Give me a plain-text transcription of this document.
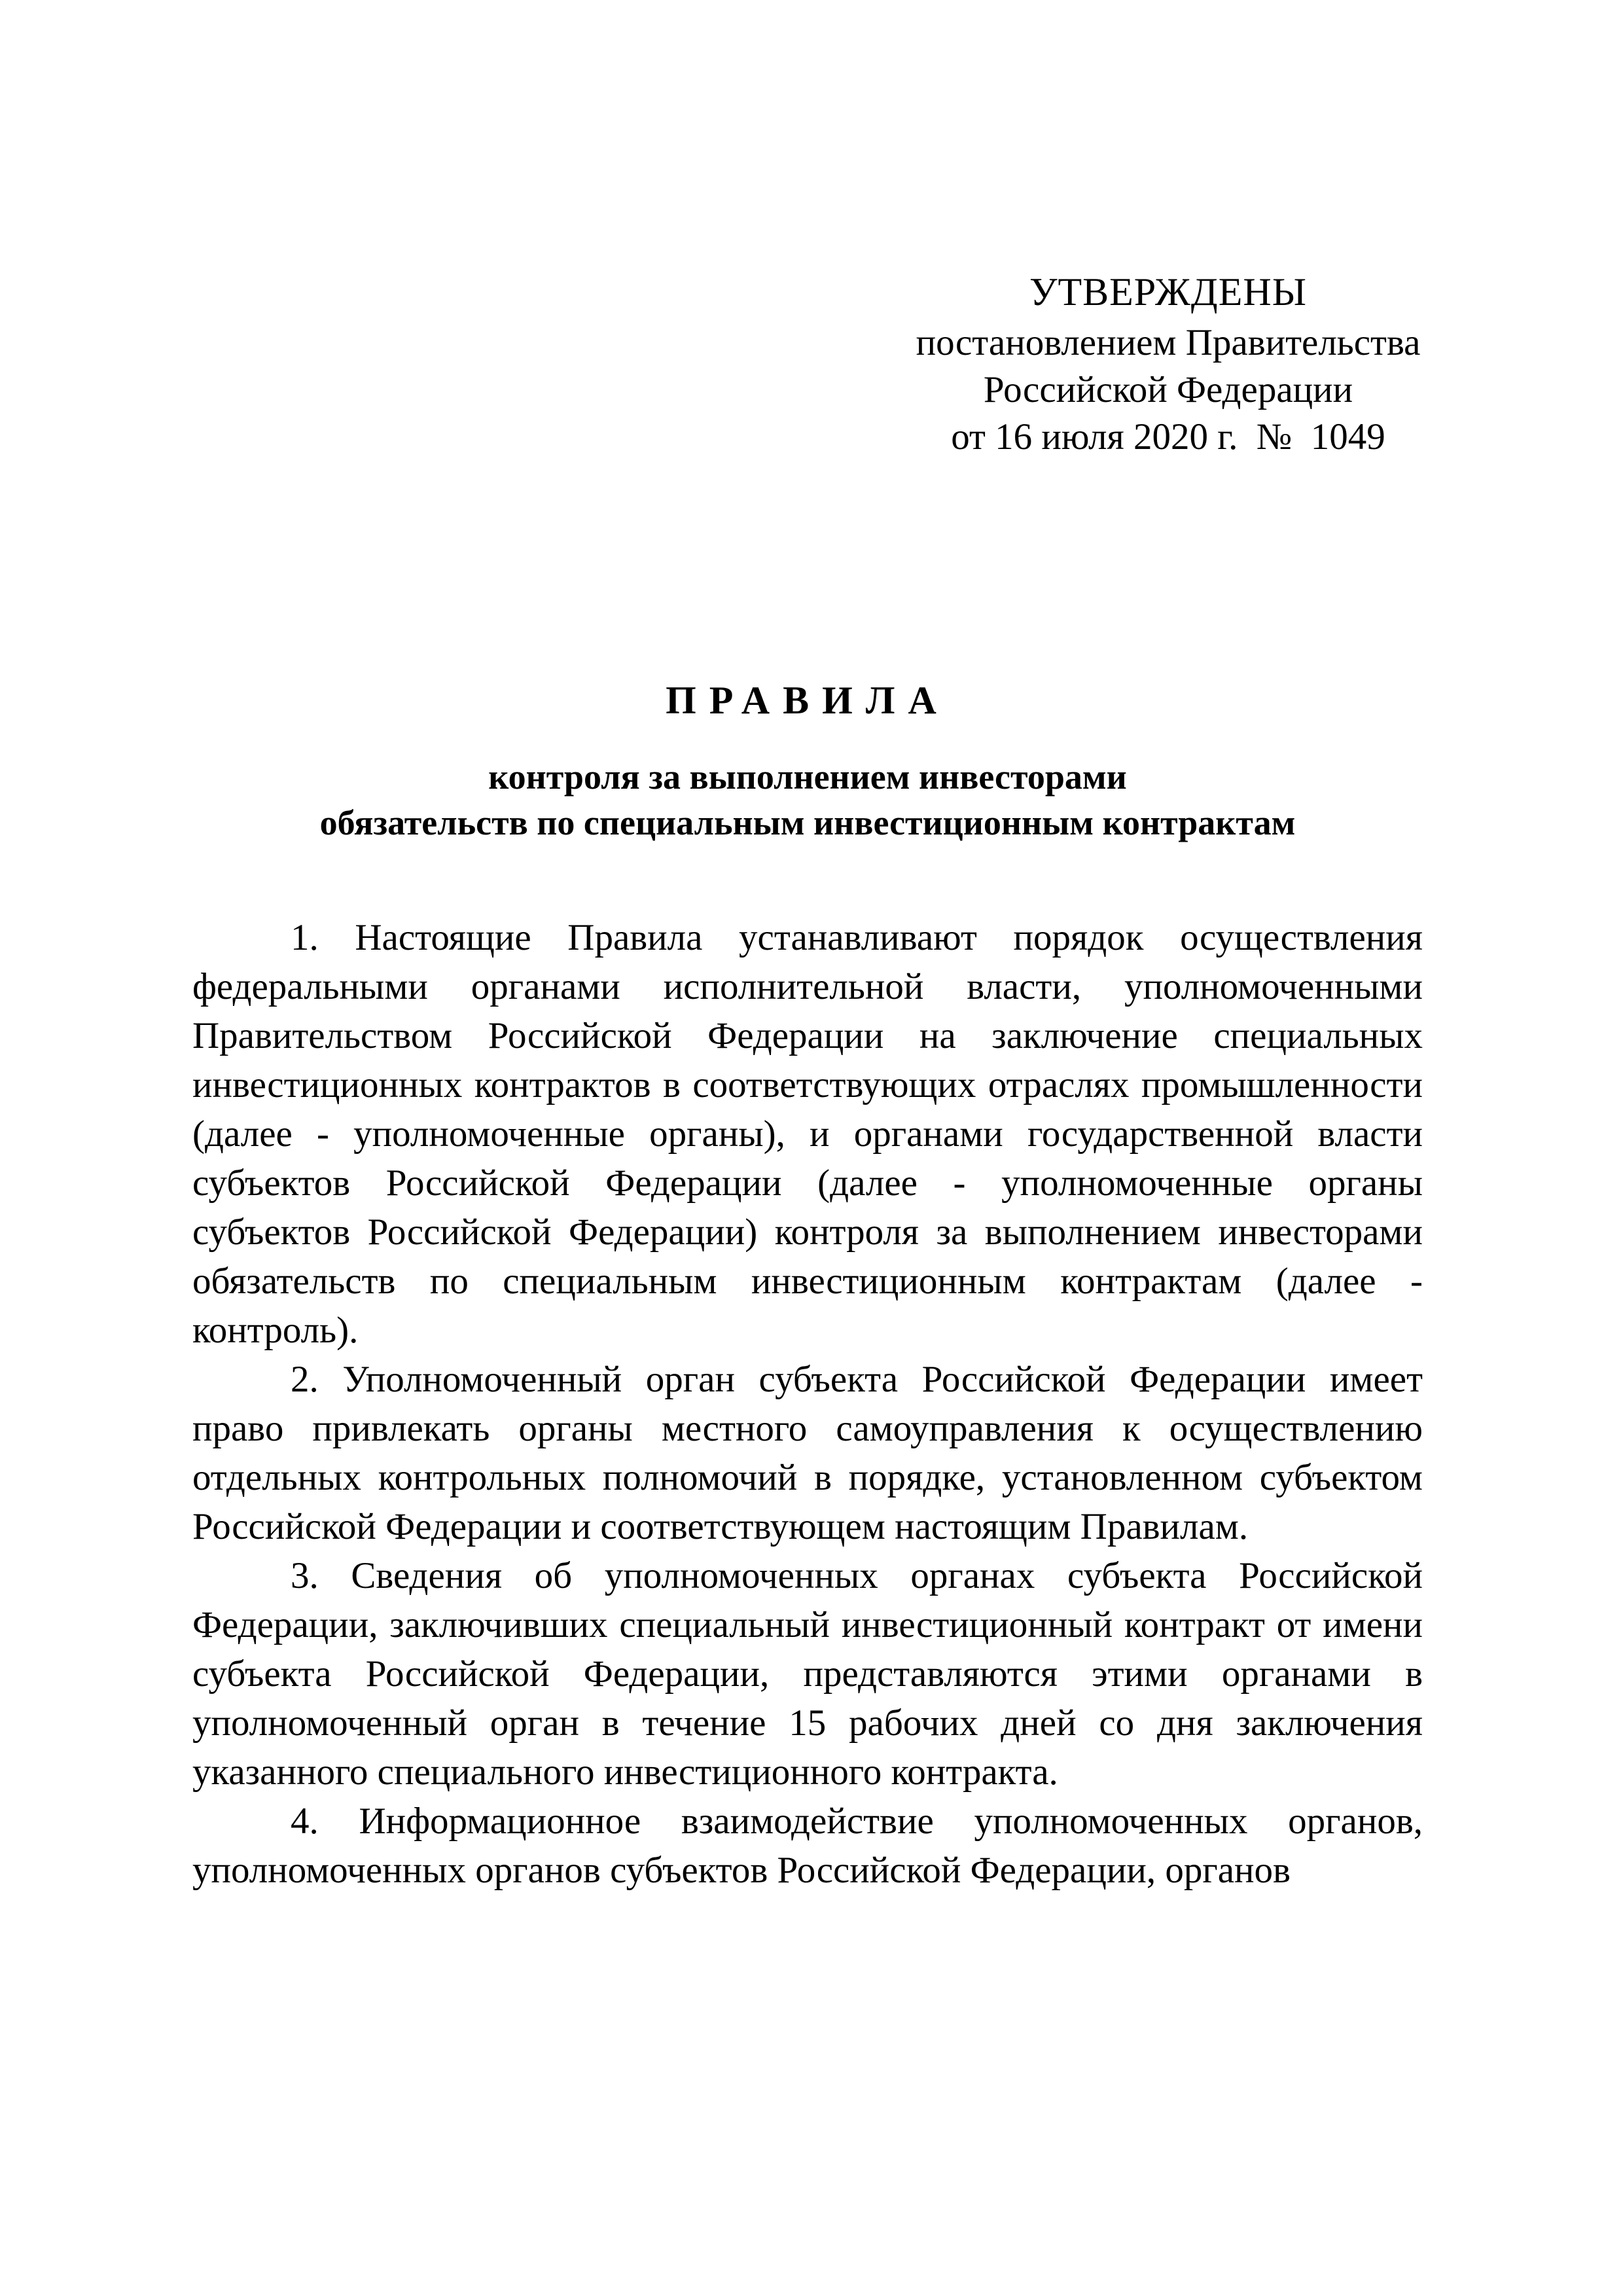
УТВЕРЖДЕНЫ
постановлением Правительства
Российской Федерации
от 16 июля 2020 г.  №  1049
ПРАВИЛА
контроля за выполнением инвесторами
обязательств по специальным инвестиционным контрактам

1. Настоящие Правила устанавливают порядок осуществления федеральными органами исполнительной власти, уполномоченными Правительством Российской Федерации на заключение специальных инвестиционных контрактов в соответствующих отраслях промышленности (далее - уполномоченные органы), и органами государственной власти субъектов Российской Федерации (далее - уполномоченные органы субъектов Российской Федерации) контроля за выполнением инвесторами обязательств по специальным инвестиционным контрактам (далее - контроль).

2. Уполномоченный орган субъекта Российской Федерации имеет право привлекать органы местного самоуправления к осуществлению отдельных контрольных полномочий в порядке, установленном субъектом Российской Федерации и соответствующем настоящим Правилам.

3. Сведения об уполномоченных органах субъекта Российской Федерации, заключивших специальный инвестиционный контракт от имени субъекта Российской Федерации, представляются этими органами в уполномоченный орган в течение 15 рабочих дней со дня заключения указанного специального инвестиционного контракта.

4. Информационное взаимодействие уполномоченных органов, уполномоченных органов субъектов Российской Федерации, органов
